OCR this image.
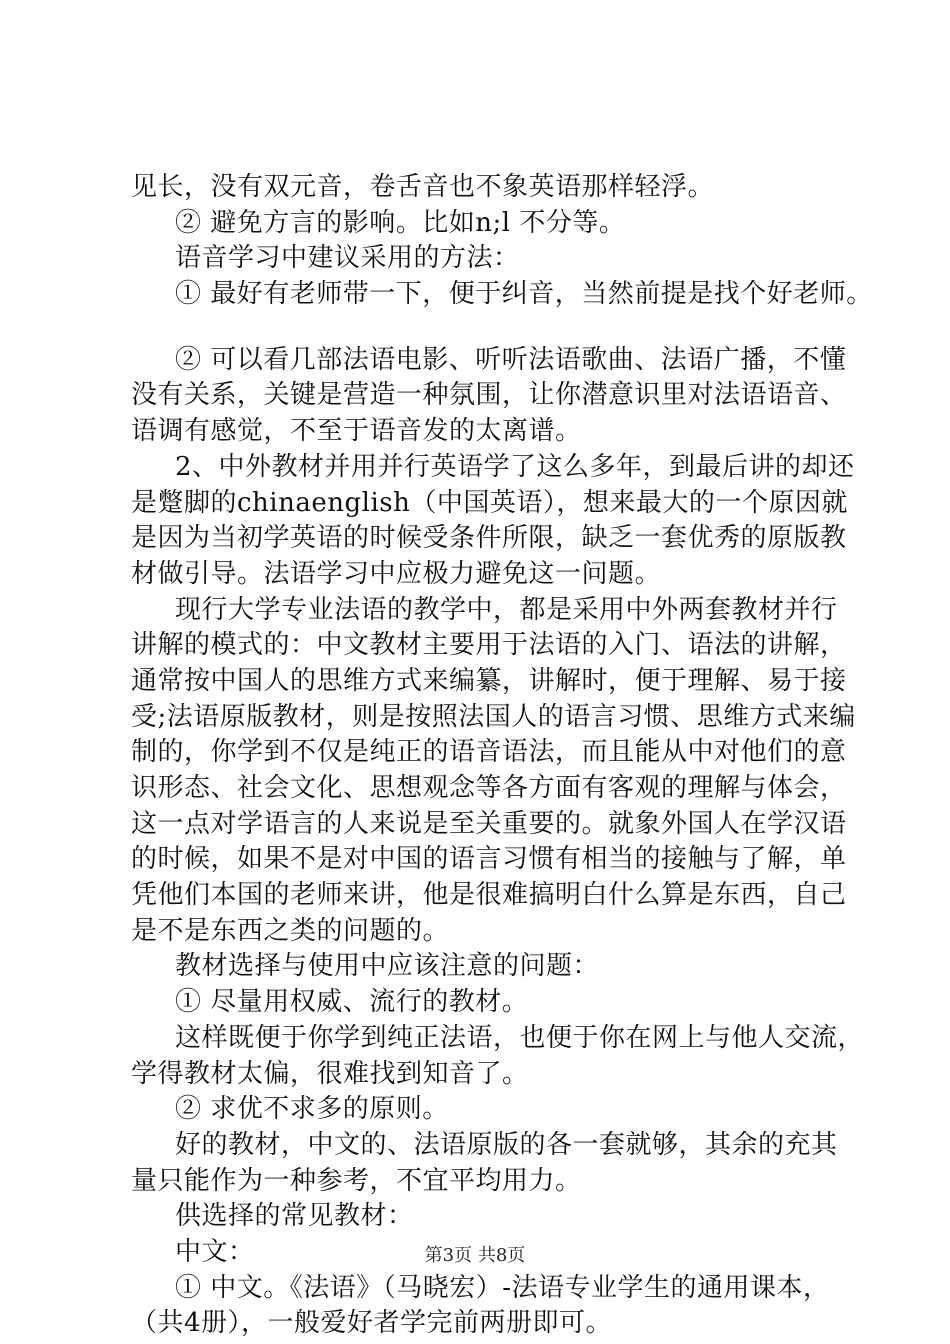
见长，没有双元音，卷舌音也不象英语那样轻浮。
② 避免方言的影响。比如n;l 不分等。
语音学习中建议采用的方法：
① 最好有老师带一下，便于纠音，当然前提是找个好老师。
② 可以看几部法语电影、听听法语歌曲、法语广播，不懂
没有关系，关键是营造一种氛围，让你潜意识里对法语语音、
语调有感觉，不至于语音发的太离谱。
2、中外教材并用并行英语学了这么多年，到最后讲的却还
是蹩脚的chinaenglish（中国英语），想来最大的一个原因就
是因为当初学英语的时候受条件所限，缺乏一套优秀的原版教
材做引导。法语学习中应极力避免这一问题。
现行大学专业法语的教学中，都是采用中外两套教材并行
讲解的模式的：中文教材主要用于法语的入门、语法的讲解，
通常按中国人的思维方式来编纂，讲解时，便于理解、易于接
受;法语原版教材，则是按照法国人的语言习惯、思维方式来编
制的，你学到不仅是纯正的语音语法，而且能从中对他们的意
识形态、社会文化、思想观念等各方面有客观的理解与体会，
这一点对学语言的人来说是至关重要的。就象外国人在学汉语
的时候，如果不是对中国的语言习惯有相当的接触与了解，单
凭他们本国的老师来讲，他是很难搞明白什么算是东西，自己
是不是东西之类的问题的。
教材选择与使用中应该注意的问题：
① 尽量用权威、流行的教材。
这样既便于你学到纯正法语，也便于你在网上与他人交流，
学得教材太偏，很难找到知音了。
② 求优不求多的原则。
好的教材，中文的、法语原版的各一套就够，其余的充其
量只能作为一种参考，不宜平均用力。
供选择的常见教材：
中文：
① 中文。《法语》（马晓宏）-法语专业学生的通用课本，
（共4册），一般爱好者学完前两册即可。
第3页 共8页
